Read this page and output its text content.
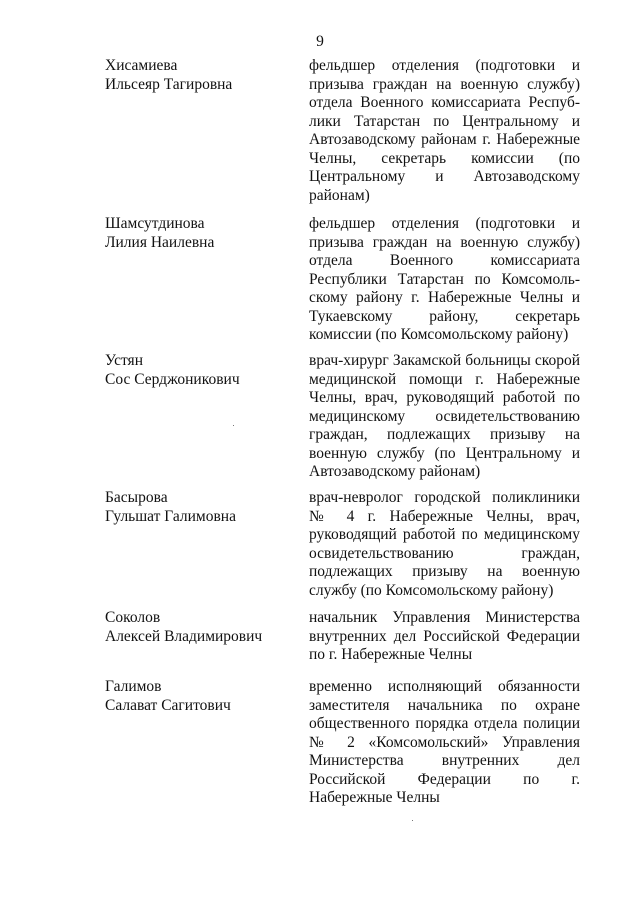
9
Хисамиева
Ильсеяр Тагировна
фельдшер отделения (подготовки и призыва граждан на военную службу) отдела Военного комиссариата Республики Татарстан по Центральному и Автозаводскому районам г. Набережные Челны, секретарь комиссии (по Центральному и Автозаводскому районам)
Шамсутдинова
Лилия Наилевна
фельдшер отделения (подготовки и призыва граждан на военную службу) отдела Военного комиссариата Республики Татарстан по Комсомольскому району г. Набережные Челны и Тукаевскому району, секретарь комиссии (по Комсомольскому району)
Устян
Сос Серджоникович
врач-хирург Закамской больницы скорой медицинской помощи г. Набережные Челны, врач, руководящий работой по медицинскому освидетельствованию граждан, подлежащих призыву на военную службу (по Центральному и Автозаводскому районам)
Басырова
Гульшат Галимовна
врач-невролог городской поликлиники № 4 г. Набережные Челны, врач, руководящий работой по медицинскому освидетельствованию граждан, подлежащих призыву на военную службу (по Комсомольскому району)
Соколов
Алексей Владимирович
начальник Управления Министерства внутренних дел Российской Федерации по г. Набережные Челны
Галимов
Салават Сагитович
временно исполняющий обязанности заместителя начальника по охране общественного порядка отдела полиции № 2 «Комсомольский» Управления Министерства внутренних дел Российской Федерации по г. Набережные Челны
